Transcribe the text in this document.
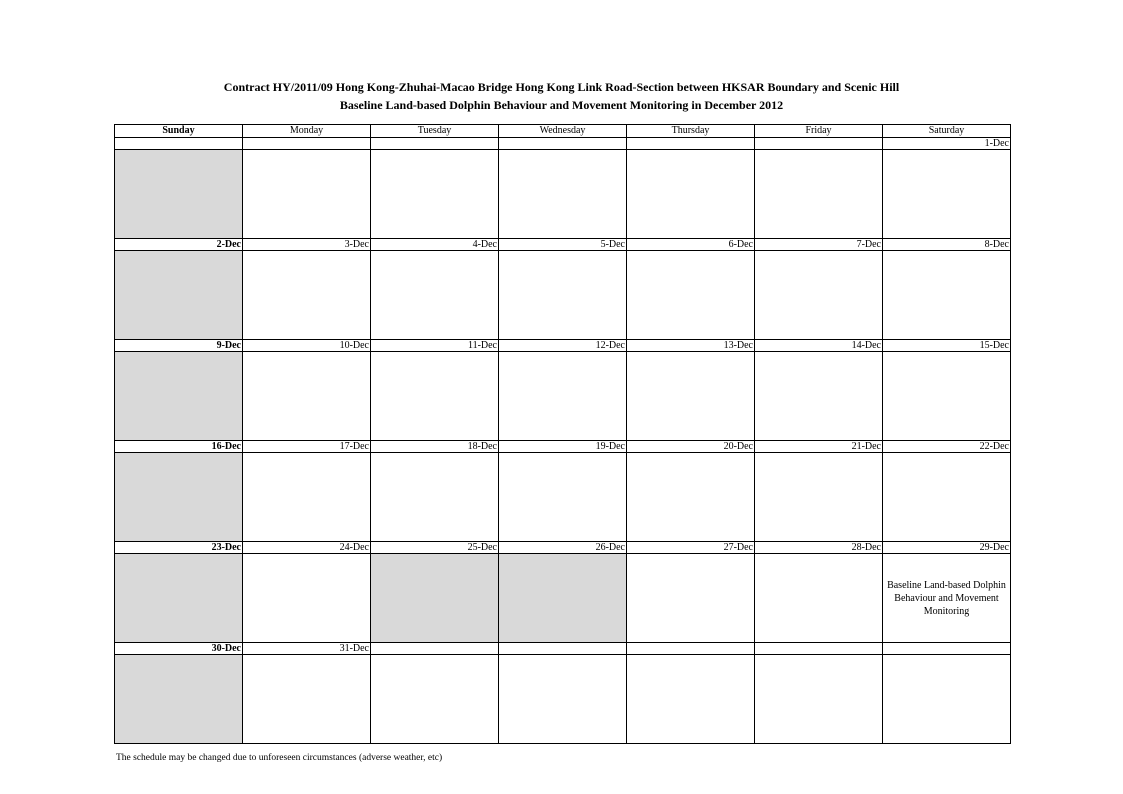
Contract HY/2011/09 Hong Kong-Zhuhai-Macao Bridge Hong Kong Link Road-Section between HKSAR Boundary and Scenic Hill
Baseline Land-based Dolphin Behaviour and Movement Monitoring in December 2012
Sunday	Monday	Tuesday	Wednesday	Thursday	Friday	Saturday
						1-Dec

2-Dec	3-Dec	4-Dec	5-Dec	6-Dec	7-Dec	8-Dec

9-Dec	10-Dec	11-Dec	12-Dec	13-Dec	14-Dec	15-Dec

16-Dec	17-Dec	18-Dec	19-Dec	20-Dec	21-Dec	22-Dec

23-Dec	24-Dec	25-Dec	26-Dec	27-Dec	28-Dec	29-Dec

						Baseline Land-based Dolphin Behaviour and Movement Monitoring

30-Dec	31-Dec					

The schedule may be changed due to unforeseen circumstances (adverse weather, etc)
